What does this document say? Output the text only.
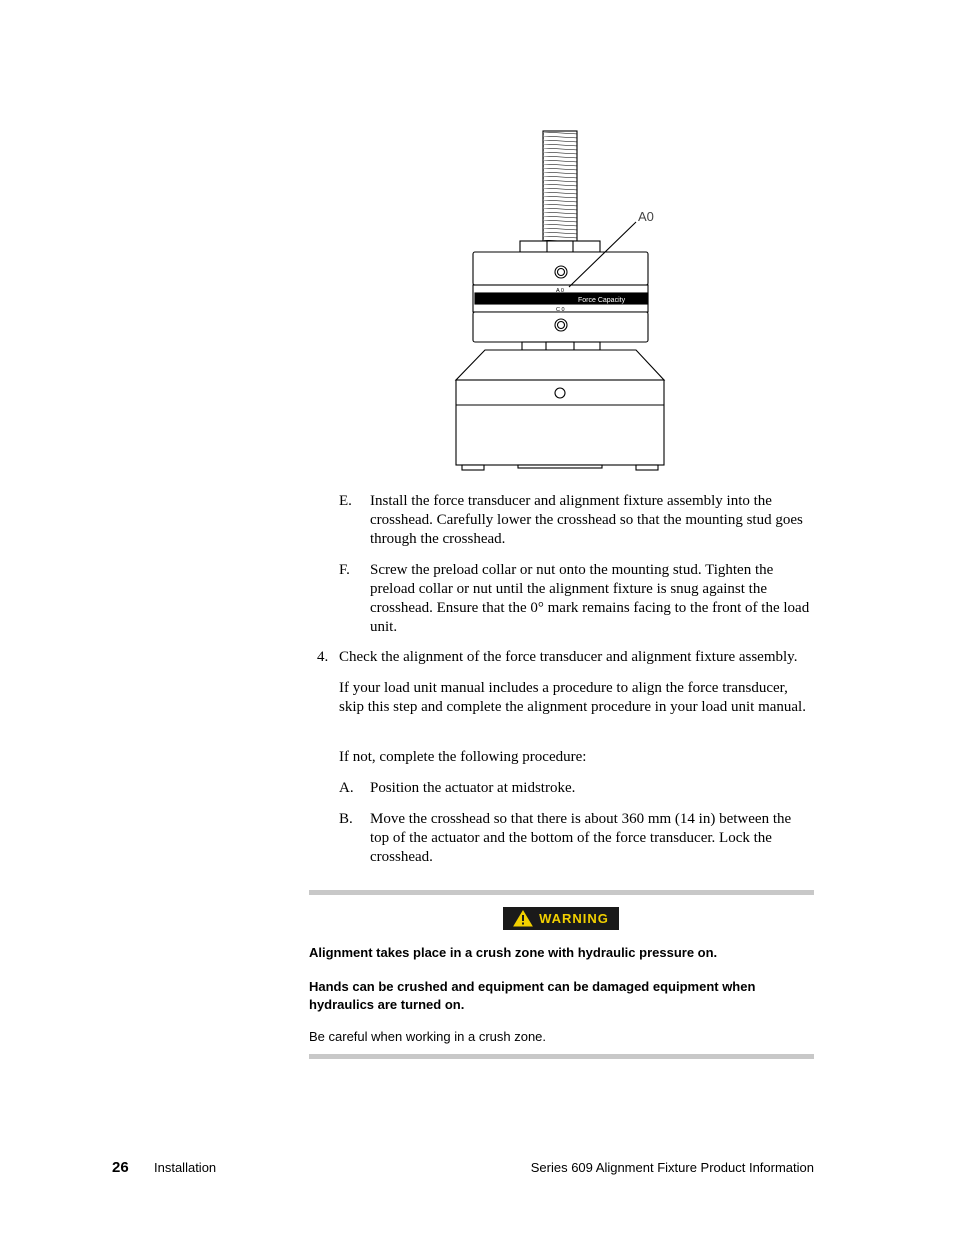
A0
A 0
Force Capacity
C 0
E. Install the force transducer and alignment fixture assembly into the crosshead. Carefully lower the crosshead so that the mounting stud goes through the crosshead.
F. Screw the preload collar or nut onto the mounting stud. Tighten the preload collar or nut until the alignment fixture is snug against the crosshead. Ensure that the 0° mark remains facing to the front of the load unit.
4. Check the alignment of the force transducer and alignment fixture assembly.
If your load unit manual includes a procedure to align the force transducer, skip this step and complete the alignment procedure in your load unit manual.
If not, complete the following procedure:
A. Position the actuator at midstroke.
B. Move the crosshead so that there is about 360 mm (14 in) between the top of the actuator and the bottom of the force transducer. Lock the crosshead.
WARNING
Alignment takes place in a crush zone with hydraulic pressure on.
Hands can be crushed and equipment can be damaged equipment when hydraulics are turned on.
Be careful when working in a crush zone.
26 Installation	Series 609 Alignment Fixture Product Information
